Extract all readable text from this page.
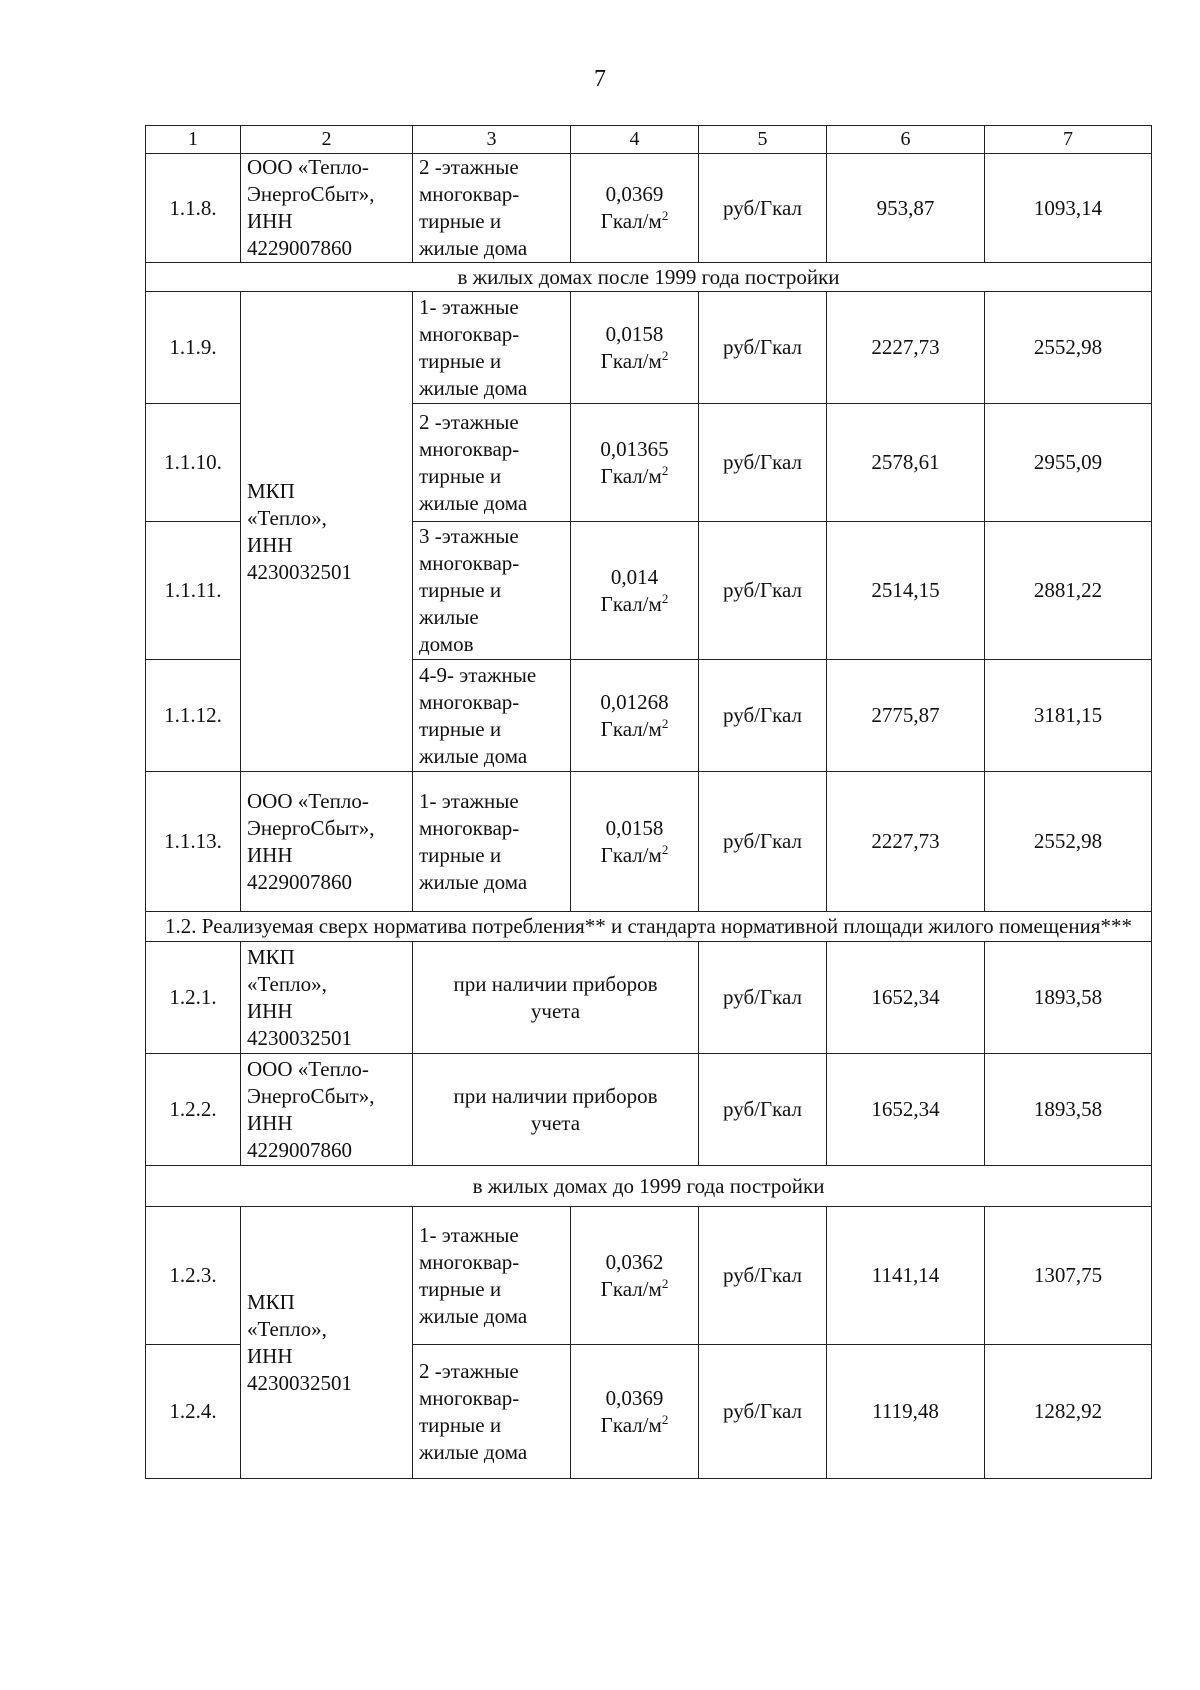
7
1	2	3	4	5	6	7
1.1.8.	ООО «Тепло-
ЭнергоСбыт»,
ИНН
4229007860	2 -этажные
многоквар-
тирные и
жилые дома	0,0369
Гкал/$м^2$	руб/Гкал	953,87	1093,14
в жилых домах после 1999 года постройки						
1.1.9.	МКП
«Тепло»,
ИНН
4230032501	1- этажные
многоквар-
тирные и
жилые дома	0,0158
Гкал/$м^2$	руб/Гкал	2227,73	2552,98
1.1.10.		2 -этажные
многоквар-
тирные и
жилые дома	0,01365
Гкал/$м^2$	руб/Гкал	2578,61	2955,09
1.1.11.		3 -этажные
многоквар-
тирные и
жилые
домов	0,014
Гкал/$м^2$	руб/Гкал	2514,15	2881,22
1.1.12.		4-9- этажные
многоквар-
тирные и
жилые дома	0,01268
Гкал/$м^2$	руб/Гкал	2775,87	3181,15
1.1.13.	ООО «Тепло-
ЭнергоСбыт»,
ИНН
4229007860	1- этажные
многоквар-
тирные и
жилые дома	0,0158
Гкал/$м^2$	руб/Гкал	2227,73	2552,98
1.2. Реализуемая сверх норматива потребления** и стандарта нормативной площади жилого помещения***						
1.2.1.	МКП
«Тепло»,
ИНН
4230032501	при наличии приборов
учета		руб/Гкал	1652,34	1893,58
1.2.2.	ООО «Тепло-
ЭнергоСбыт»,
ИНН
4229007860	при наличии приборов
учета		руб/Гкал	1652,34	1893,58
в жилых домах до 1999 года постройки						
1.2.3.	МКП
«Тепло»,
ИНН
4230032501	1- этажные
многоквар-
тирные и
жилые дома	0,0362
Гкал/$м^2$	руб/Гкал	1141,14	1307,75
1.2.4.		2 -этажные
многоквар-
тирные и
жилые дома	0,0369
Гкал/$м^2$	руб/Гкал	1119,48	1282,92
